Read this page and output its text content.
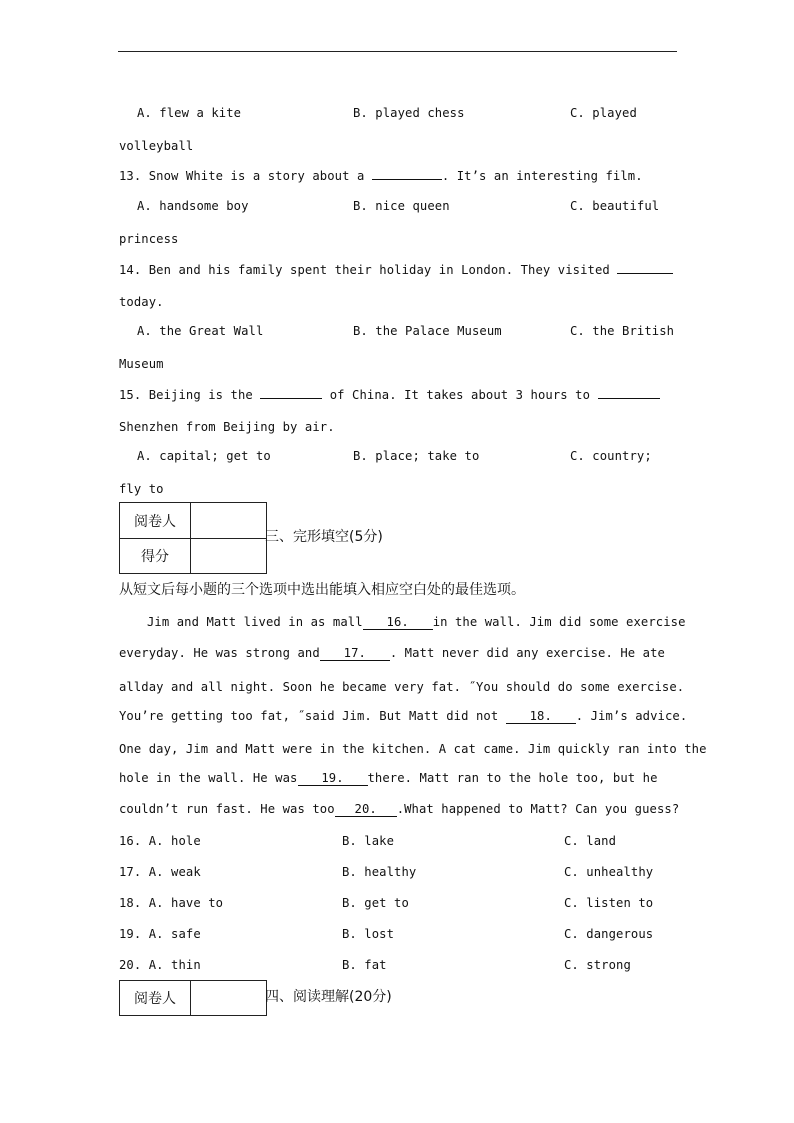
A. flew a kite	B. played chess	C. played
volleyball
13. Snow White is a story about a	. It’s an interesting film.
A. handsome boy	B. nice queen	C. beautiful
princess
14. Ben and his family spent their holiday in London. They visited
today.
A. the Great Wall	B. the Palace Museum	C. the British
Museum
15. Beijing is the	of China. It takes about 3 hours to
Shenzhen from Beijing by air.
A. capital; get to	B. place; take to	C. country;
fly to
阅卷人	
得分	
三、完形填空(5分)
从短文后每小题的三个选项中选出能填入相应空白处的最佳选项。
Jim and Matt lived in as mall 16. in the wall. Jim did some exercise
everyday. He was strong and 17. . Matt never did any exercise. He ate
allday and all night. Soon he became very fat. ˝You should do some exercise.
You’re getting too fat, ˝said Jim. But Matt did not	18. . Jim’s advice.
One day, Jim and Matt were in the kitchen. A cat came. Jim quickly ran into the
hole in the wall. He was 19. there. Matt ran to the hole too, but he
couldn’t run fast. He was too 20. .What happened to Matt? Can you guess?
16. A. hole	B. lake	C. land
17. A. weak	B. healthy	C. unhealthy
18. A. have to	B. get to	C. listen to
19. A. safe	B. lost	C. dangerous
20. A. thin	B. fat	C. strong
阅卷人		四、阅读理解(20分)
